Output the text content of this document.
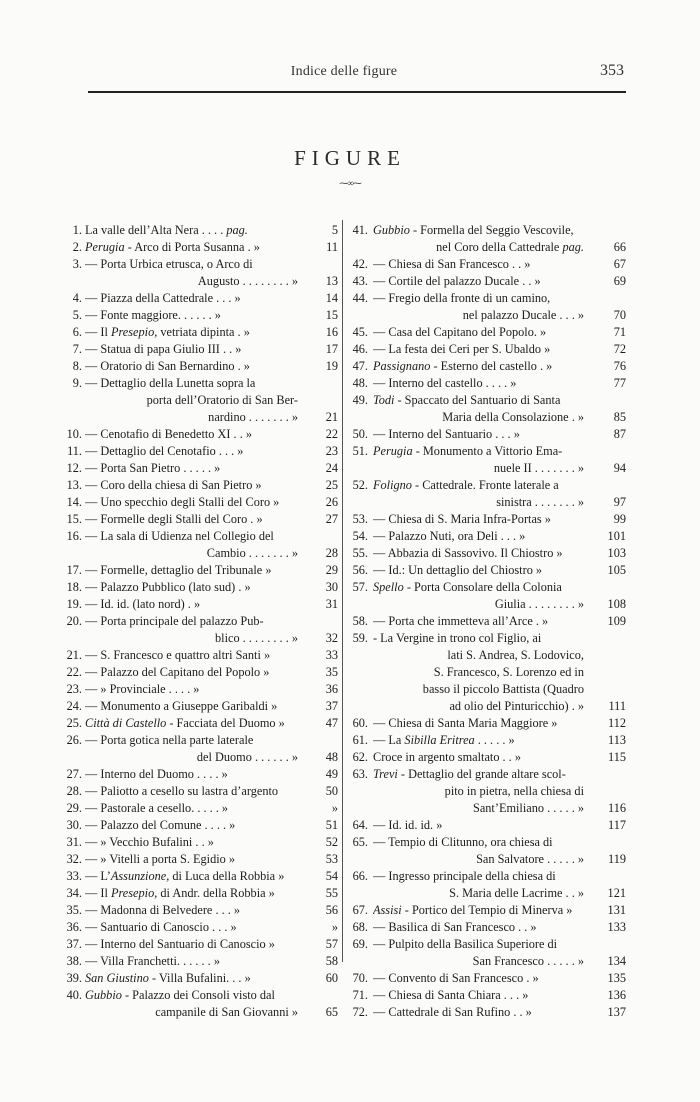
Indice delle figure	353
FIGURE
⁓∞⁓
1. La valle dell’Alta Nera . . . . pag.	5
2. Perugia - Arco di Porta Susanna . »	11
3. — Porta Urbica etrusca, o Arco di
Augusto . . . . . . . . »	13
4. — Piazza della Cattedrale . . . »	14
5. — Fonte maggiore. . . . . . »	15
6. — Il Presepio, vetriata dipinta . »	16
7. — Statua di papa Giulio III . . »	17
8. — Oratorio di San Bernardino . »	19
9. — Dettaglio della Lunetta sopra la
porta dell’Oratorio di San Ber-
nardino . . . . . . . »	21
10. — Cenotafio di Benedetto XI . . »	22
11. — Dettaglio del Cenotafio . . . »	23
12. — Porta San Pietro . . . . . »	24
13. — Coro della chiesa di San Pietro »	25
14. — Uno specchio degli Stalli del Coro »	26
15. — Formelle degli Stalli del Coro . »	27
16. — La sala di Udienza nel Collegio del
Cambio . . . . . . . »	28
17. — Formelle, dettaglio del Tribunale »	29
18. — Palazzo Pubblico (lato sud) . »	30
19. — Id. id. (lato nord) . »	31
20. — Porta principale del palazzo Pub-
blico . . . . . . . . »	32
21. — S. Francesco e quattro altri Santi »	33
22. — Palazzo del Capitano del Popolo »	35
23. — » Provinciale . . . . »	36
24. — Monumento a Giuseppe Garibaldi »	37
25. Città di Castello - Facciata del Duomo »	47
26. — Porta gotica nella parte laterale
del Duomo . . . . . . »	48
27. — Interno del Duomo . . . . »	49
28. — Paliotto a cesello su lastra d’argento	50
29. — Pastorale a cesello. . . . . »	»
30. — Palazzo del Comune . . . . »	51
31. — » Vecchio Bufalini . . »	52
32. — » Vitelli a porta S. Egidio »	53
33. — L’Assunzione, di Luca della Robbia »	54
34. — Il Presepio, di Andr. della Robbia »	55
35. — Madonna di Belvedere . . . »	56
36. — Santuario di Canoscio . . . »	»
37. — Interno del Santuario di Canoscio »	57
38. — Villa Franchetti. . . . . . »	58
39. San Giustino - Villa Bufalini. . . »	60
40. Gubbio - Palazzo dei Consoli visto dal
campanile di San Giovanni »	65
41. Gubbio - Formella del Seggio Vescovile,
nel Coro della Cattedrale pag.	66
42. — Chiesa di San Francesco . . »	67
43. — Cortile del palazzo Ducale . . »	69
44. — Fregio della fronte di un camino,
nel palazzo Ducale . . . »	70
45. — Casa del Capitano del Popolo. »	71
46. — La festa dei Ceri per S. Ubaldo »	72
47. Passignano - Esterno del castello . »	76
48. — Interno del castello . . . . »	77
49. Todi - Spaccato del Santuario di Santa
Maria della Consolazione . »	85
50. — Interno del Santuario . . . »	87
51. Perugia - Monumento a Vittorio Ema-
nuele II . . . . . . . »	94
52. Foligno - Cattedrale. Fronte laterale a
sinistra . . . . . . . »	97
53. — Chiesa di S. Maria Infra-Portas »	99
54. — Palazzo Nuti, ora Deli . . . »	101
55. — Abbazia di Sassovivo. Il Chiostro »	103
56. — Id.: Un dettaglio del Chiostro »	105
57. Spello - Porta Consolare della Colonia
Giulia . . . . . . . . »	108
58. — Porta che immetteva all’Arce . »	109
59. - La Vergine in trono col Figlio, ai
lati S. Andrea, S. Lodovico,
S. Francesco, S. Lorenzo ed in
basso il piccolo Battista (Quadro
ad olio del Pinturicchio) . »	111
60. — Chiesa di Santa Maria Maggiore »	112
61. — La Sibilla Eritrea . . . . . »	113
62. Croce in argento smaltato . . »	115
63. Trevi - Dettaglio del grande altare scol-
pito in pietra, nella chiesa di
Sant’Emiliano . . . . . »	116
64. — Id. id. id. »	117
65. — Tempio di Clitunno, ora chiesa di
San Salvatore . . . . . »	119
66. — Ingresso principale della chiesa di
S. Maria delle Lacrime . . »	121
67. Assisi - Portico del Tempio di Minerva »	131
68. — Basilica di San Francesco . . »	133
69. — Pulpito della Basilica Superiore di
San Francesco . . . . . »	134
70. — Convento di San Francesco . »	135
71. — Chiesa di Santa Chiara . . . »	136
72. — Cattedrale di San Rufino . . »	137
